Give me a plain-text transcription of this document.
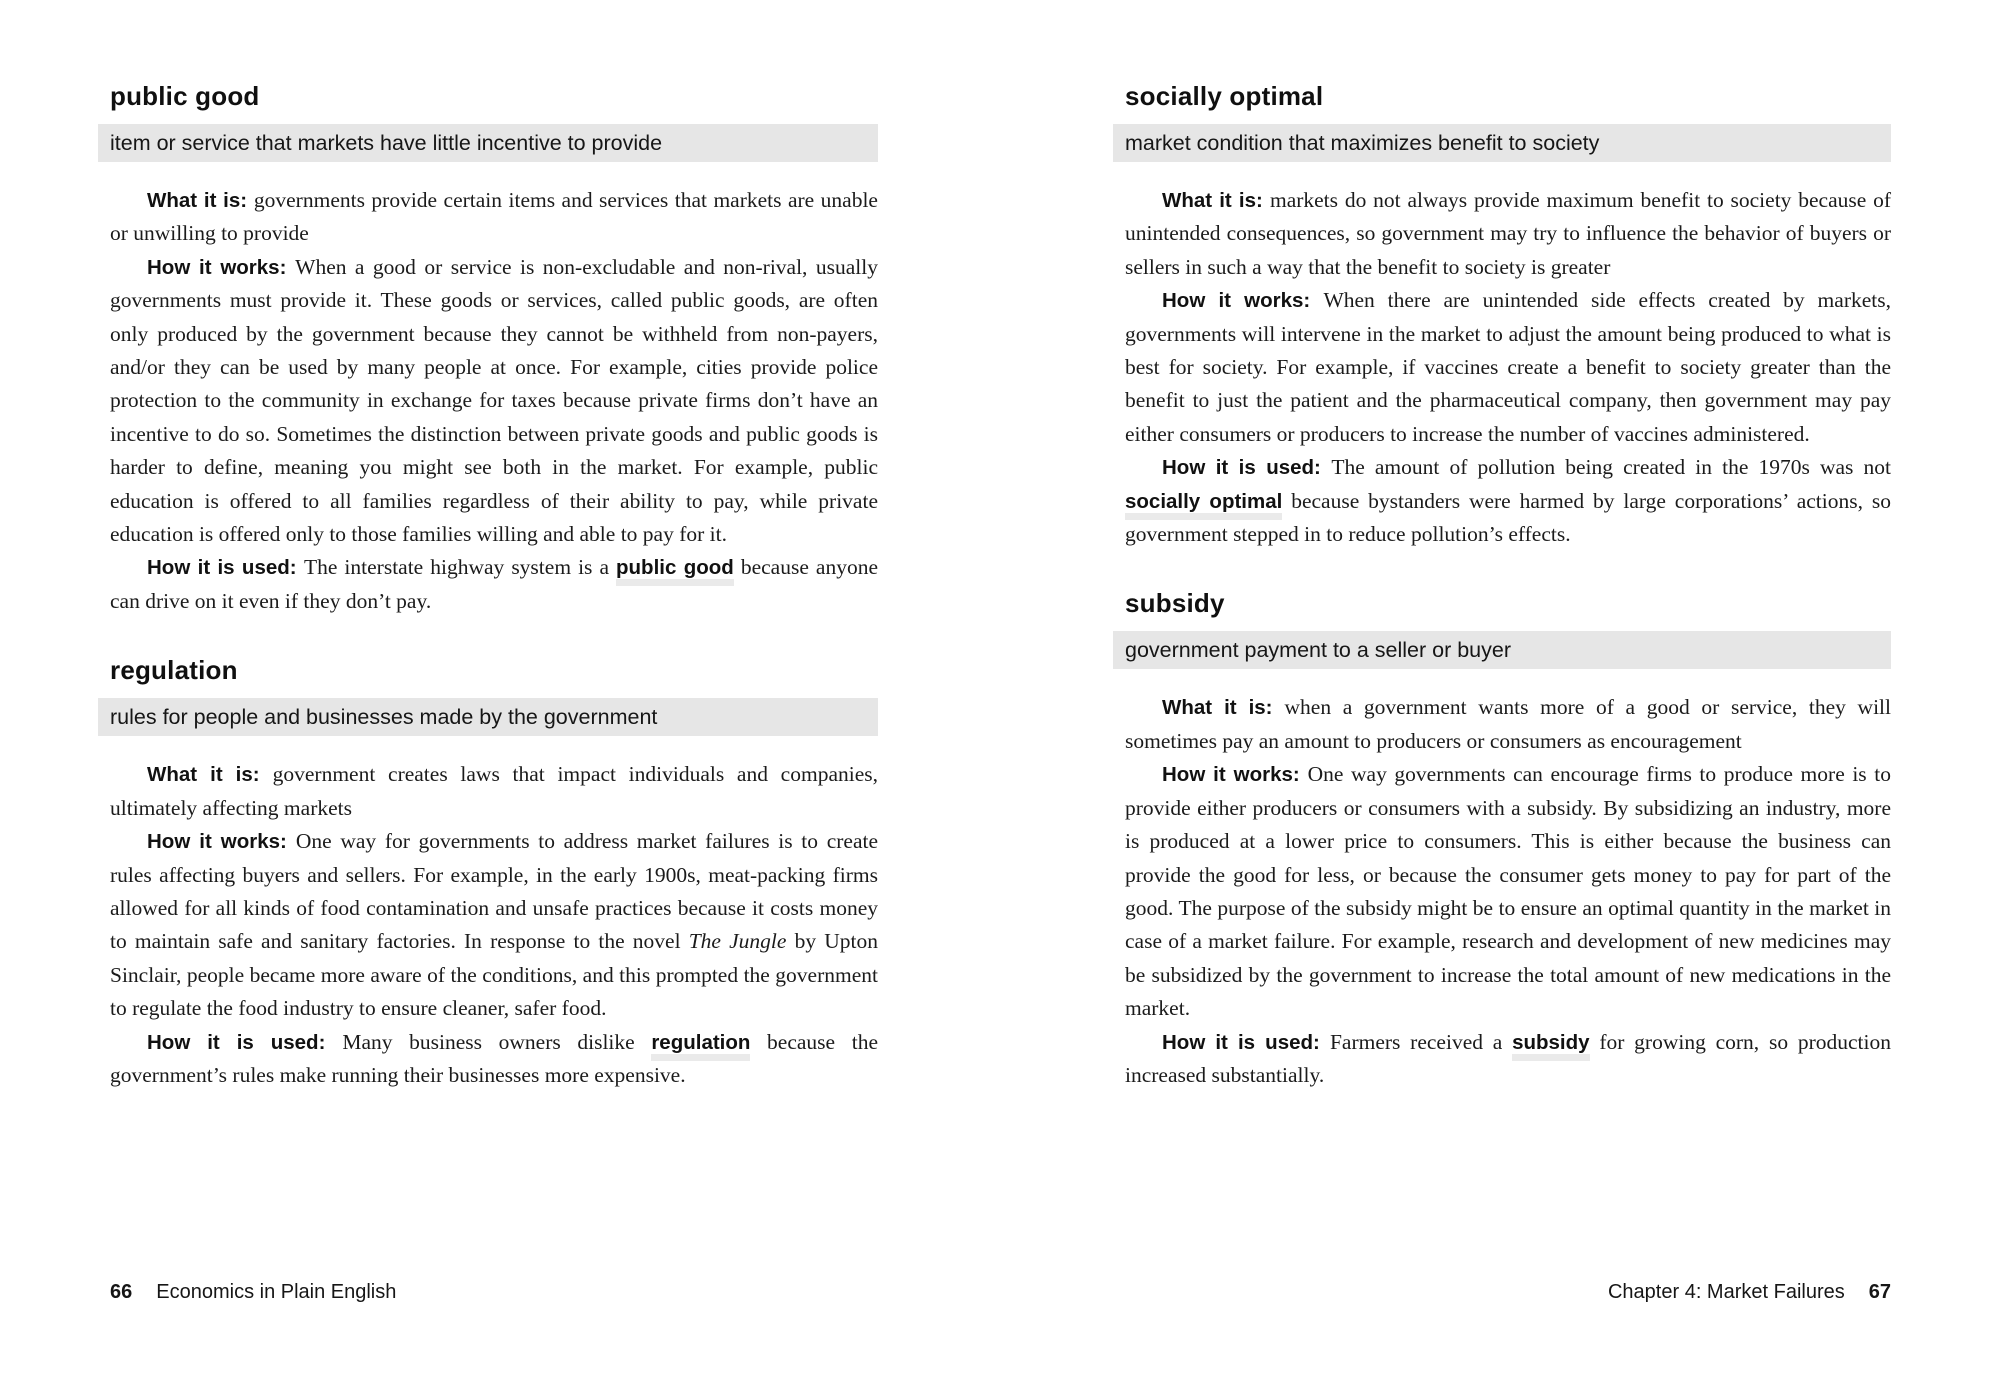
public good
item or service that markets have little incentive to provide

What it is: governments provide certain items and services that markets are unable or unwilling to provide

How it works: When a good or service is non-excludable and non-rival, usually governments must provide it. These goods or services, called public goods, are often only produced by the government because they cannot be withheld from non-payers, and/or they can be used by many people at once. For example, cities provide police protection to the community in exchange for taxes because private firms don’t have an incentive to do so. Sometimes the distinction between private goods and public goods is harder to define, meaning you might see both in the market. For example, public education is offered to all families regardless of their ability to pay, while private education is offered only to those families willing and able to pay for it.

How it is used: The interstate highway system is a public good because anyone can drive on it even if they don’t pay.

regulation
rules for people and businesses made by the government

What it is: government creates laws that impact individuals and companies, ultimately affecting markets

How it works: One way for governments to address market failures is to create rules affecting buyers and sellers. For example, in the early 1900s, meat-packing firms allowed for all kinds of food contamination and unsafe practices because it costs money to maintain safe and sanitary factories. In response to the novel The Jungle by Upton Sinclair, people became more aware of the conditions, and this prompted the government to regulate the food industry to ensure cleaner, safer food.

How it is used: Many business owners dislike regulation because the government’s rules make running their businesses more expensive.

66 Economics in Plain English
socially optimal
market condition that maximizes benefit to society

What it is: markets do not always provide maximum benefit to society because of unintended consequences, so government may try to influence the behavior of buyers or sellers in such a way that the benefit to society is greater

How it works: When there are unintended side effects created by markets, governments will intervene in the market to adjust the amount being produced to what is best for society. For example, if vaccines create a benefit to society greater than the benefit to just the patient and the pharmaceutical company, then government may pay either consumers or producers to increase the number of vaccines administered.

How it is used: The amount of pollution being created in the 1970s was not socially optimal because bystanders were harmed by large corporations’ actions, so government stepped in to reduce pollution’s effects.

subsidy
government payment to a seller or buyer

What it is: when a government wants more of a good or service, they will sometimes pay an amount to producers or consumers as encouragement

How it works: One way governments can encourage firms to produce more is to provide either producers or consumers with a subsidy. By subsidizing an industry, more is produced at a lower price to consumers. This is either because the business can provide the good for less, or because the consumer gets money to pay for part of the good. The purpose of the subsidy might be to ensure an optimal quantity in the market in case of a market failure. For example, research and development of new medicines may be subsidized by the government to increase the total amount of new medications in the market.

How it is used: Farmers received a subsidy for growing corn, so production increased substantially.

Chapter 4: Market Failures 67
